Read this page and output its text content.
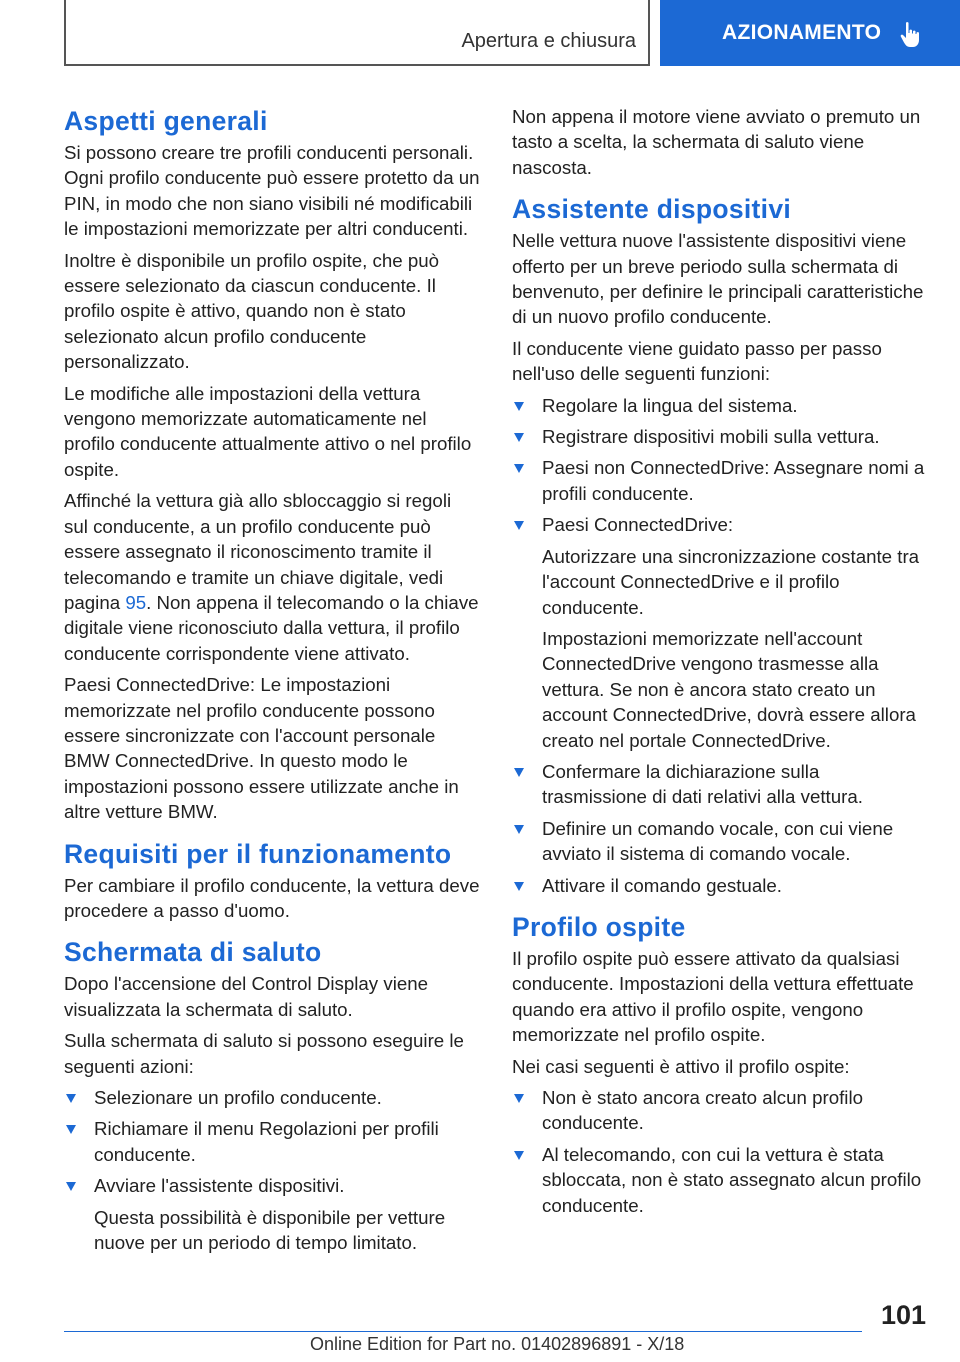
Apertura e chiusura	AZIONAMENTO
Aspetti generali

Si possono creare tre profili conducenti personali. Ogni profilo conducente può essere protetto da un PIN, in modo che non siano visibili né modificabili le impostazioni memorizzate per altri conducenti.

Inoltre è disponibile un profilo ospite, che può essere selezionato da ciascun conducente. Il profilo ospite è attivo, quando non è stato selezionato alcun profilo conducente personalizzato.

Le modifiche alle impostazioni della vettura vengono memorizzate automaticamente nel profilo conducente attualmente attivo o nel profilo ospite.

Affinché la vettura già allo sbloccaggio si regoli sul conducente, a un profilo conducente può essere assegnato il riconoscimento tramite il telecomando e tramite un chiave digitale, vedi pagina 95. Non appena il telecomando o la chiave digitale viene riconosciuto dalla vettura, il profilo conducente corrispondente viene attivato.

Paesi ConnectedDrive: Le impostazioni memorizzate nel profilo conducente possono essere sincronizzate con l'account personale BMW ConnectedDrive. In questo modo le impostazioni possono essere utilizzate anche in altre vetture BMW.

Requisiti per il funzionamento

Per cambiare il profilo conducente, la vettura deve procedere a passo d'uomo.

Schermata di saluto

Dopo l'accensione del Control Display viene visualizzata la schermata di saluto.

Sulla schermata di saluto si possono eseguire le seguenti azioni:

Selezionare un profilo conducente.
Richiamare il menu Regolazioni per profili conducente.
Avviare l'assistente dispositivi.
Questa possibilità è disponibile per vetture nuove per un periodo di tempo limitato.

Non appena il motore viene avviato o premuto un tasto a scelta, la schermata di saluto viene nascosta.

Assistente dispositivi

Nelle vettura nuove l'assistente dispositivi viene offerto per un breve periodo sulla schermata di benvenuto, per definire le principali caratteristiche di un nuovo profilo conducente.

Il conducente viene guidato passo per passo nell'uso delle seguenti funzioni:

Regolare la lingua del sistema.
Registrare dispositivi mobili sulla vettura.
Paesi non ConnectedDrive: Assegnare nomi a profili conducente.
Paesi ConnectedDrive:
Autorizzare una sincronizzazione costante tra l'account ConnectedDrive e il profilo conducente.
Impostazioni memorizzate nell'account ConnectedDrive vengono trasmesse alla vettura. Se non è ancora stato creato un account ConnectedDrive, dovrà essere allora creato nel portale ConnectedDrive.
Confermare la dichiarazione sulla trasmissione di dati relativi alla vettura.
Definire un comando vocale, con cui viene avviato il sistema di comando vocale.
Attivare il comando gestuale.
Profilo ospite

Il profilo ospite può essere attivato da qualsiasi conducente. Impostazioni della vettura effettuate quando era attivo il profilo ospite, vengono memorizzate nel profilo ospite.

Nei casi seguenti è attivo il profilo ospite:

Non è stato ancora creato alcun profilo conducente.
Al telecomando, con cui la vettura è stata sbloccata, non è stato assegnato alcun profilo conducente.
101
Online Edition for Part no. 01402896891 - X/18
